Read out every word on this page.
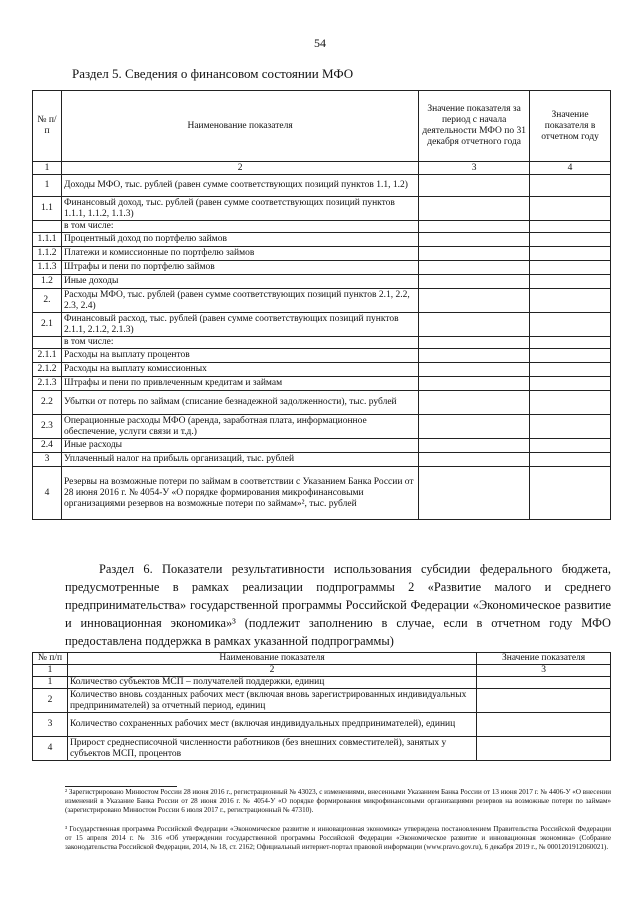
54
Раздел 5. Сведения о финансовом состоянии МФО
№ п/п	Наименование показателя	Значение показателя за период с начала деятельности МФО по 31 декабря отчетного года	Значение показателя в отчетном году
1	2	3	4
1	Доходы МФО, тыс. рублей (равен сумме соответствующих позиций пунктов 1.1, 1.2)		
1.1	Финансовый доход, тыс. рублей (равен сумме соответствующих позиций пунктов 1.1.1, 1.1.2, 1.1.3)		
	в том числе:		
1.1.1	Процентный доход по портфелю займов		
1.1.2	Платежи и комиссионные по портфелю займов		
1.1.3	Штрафы и пени по портфелю займов		
1.2	Иные доходы		
2.	Расходы МФО, тыс. рублей (равен сумме соответствующих позиций пунктов 2.1, 2.2, 2.3, 2.4)		
2.1	Финансовый расход, тыс. рублей (равен сумме соответствующих позиций пунктов 2.1.1, 2.1.2, 2.1.3)		
	в том числе:		
2.1.1	Расходы на выплату процентов		
2.1.2	Расходы на выплату комиссионных		
2.1.3	Штрафы и пени по привлеченным кредитам и займам		
2.2	Убытки от потерь по займам (списание безнадежной задолженности), тыс. рублей		
2.3	Операционные расходы МФО (аренда, заработная плата, информационное обеспечение, услуги связи и т.д.)		
2.4	Иные расходы		
3	Уплаченный налог на прибыль организаций, тыс. рублей		
4	Резервы на возможные потери по займам в соответствии с Указанием Банка России от 28 июня 2016 г. № 4054-У «О порядке формирования микрофинансовыми организациями резервов на возможные потери по займам»², тыс. рублей		
Раздел 6. Показатели результативности использования субсидии федерального бюджета, предусмотренные в рамках реализации подпрограммы 2 «Развитие малого и среднего предпринимательства» государственной программы Российской Федерации «Экономическое развитие и инновационная экономика»³ (подлежит заполнению в случае, если в отчетном году МФО предоставлена поддержка в рамках указанной подпрограммы)
№ п/п	Наименование показателя	Значение показателя
1	2	3
1	Количество субъектов МСП – получателей поддержки, единиц	
2	Количество вновь созданных рабочих мест (включая вновь зарегистрированных индивидуальных предпринимателей) за отчетный период, единиц	
3	Количество сохраненных рабочих мест (включая индивидуальных предпринимателей), единиц	
4	Прирост среднесписочной численности работников (без внешних совместителей), занятых у субъектов МСП, процентов	
² Зарегистрировано Минюстом России 28 июня 2016 г., регистрационный № 43023, с изменениями, внесенными Указанием Банка России от 13 июня 2017 г. № 4406-У «О внесении изменений в Указание Банка России от 28 июня 2016 г. № 4054-У «О порядке формирования микрофинансовыми организациями резервов на возможные потери по займам» (зарегистрировано Минюстом России 6 июля 2017 г., регистрационный № 47310).
³ Государственная программа Российской Федерации «Экономическое развитие и инновационная экономика» утверждена постановлением Правительства Российской Федерации от 15 апреля 2014 г. № 316 «Об утверждении государственной программы Российской Федерации «Экономическое развитие и инновационная экономика» (Собрание законодательства Российской Федерации, 2014, № 18, ст. 2162; Официальный интернет-портал правовой информации (www.pravo.gov.ru), 6 декабря 2019 г., № 0001201912060021).
